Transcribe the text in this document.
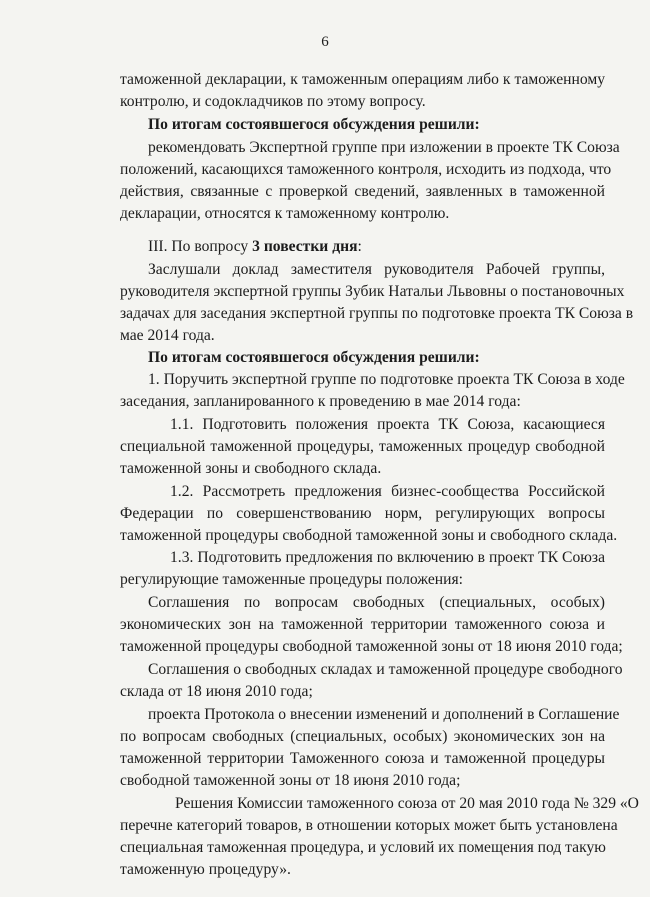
6
таможенной декларации, к таможенным операциям либо к таможенному
контролю, и содокладчиков по этому вопросу.
По итогам состоявшегося обсуждения решили:
рекомендовать Экспертной группе при изложении в проекте ТК Союза
положений, касающихся таможенного контроля, исходить из подхода, что
действия, связанные с проверкой сведений, заявленных в таможенной
декларации, относятся к таможенному контролю.
III. По вопросу 3 повестки дня:
Заслушали доклад заместителя руководителя Рабочей группы,
руководителя экспертной группы Зубик Натальи Львовны о постановочных
задачах для заседания экспертной группы по подготовке проекта ТК Союза в
мае 2014 года.
По итогам состоявшегося обсуждения решили:
1. Поручить экспертной группе по подготовке проекта ТК Союза в ходе
заседания, запланированного к проведению в мае 2014 года:
1.1. Подготовить положения проекта ТК Союза, касающиеся
специальной таможенной процедуры, таможенных процедур свободной
таможенной зоны и свободного склада.
1.2. Рассмотреть предложения бизнес-сообщества Российской
Федерации по совершенствованию норм, регулирующих вопросы
таможенной процедуры свободной таможенной зоны и свободного склада.
1.3. Подготовить предложения по включению в проект ТК Союза
регулирующие таможенные процедуры положения:
Соглашения по вопросам свободных (специальных, особых)
экономических зон на таможенной территории таможенного союза и
таможенной процедуры свободной таможенной зоны от 18 июня 2010 года;
Соглашения о свободных складах и таможенной процедуре свободного
склада от 18 июня 2010 года;
проекта Протокола о внесении изменений и дополнений в Соглашение
по вопросам свободных (специальных, особых) экономических зон на
таможенной территории Таможенного союза и таможенной процедуры
свободной таможенной зоны от 18 июня 2010 года;
Решения Комиссии таможенного союза от 20 мая 2010 года № 329 «О
перечне категорий товаров, в отношении которых может быть установлена
специальная таможенная процедура, и условий их помещения под такую
таможенную процедуру».
